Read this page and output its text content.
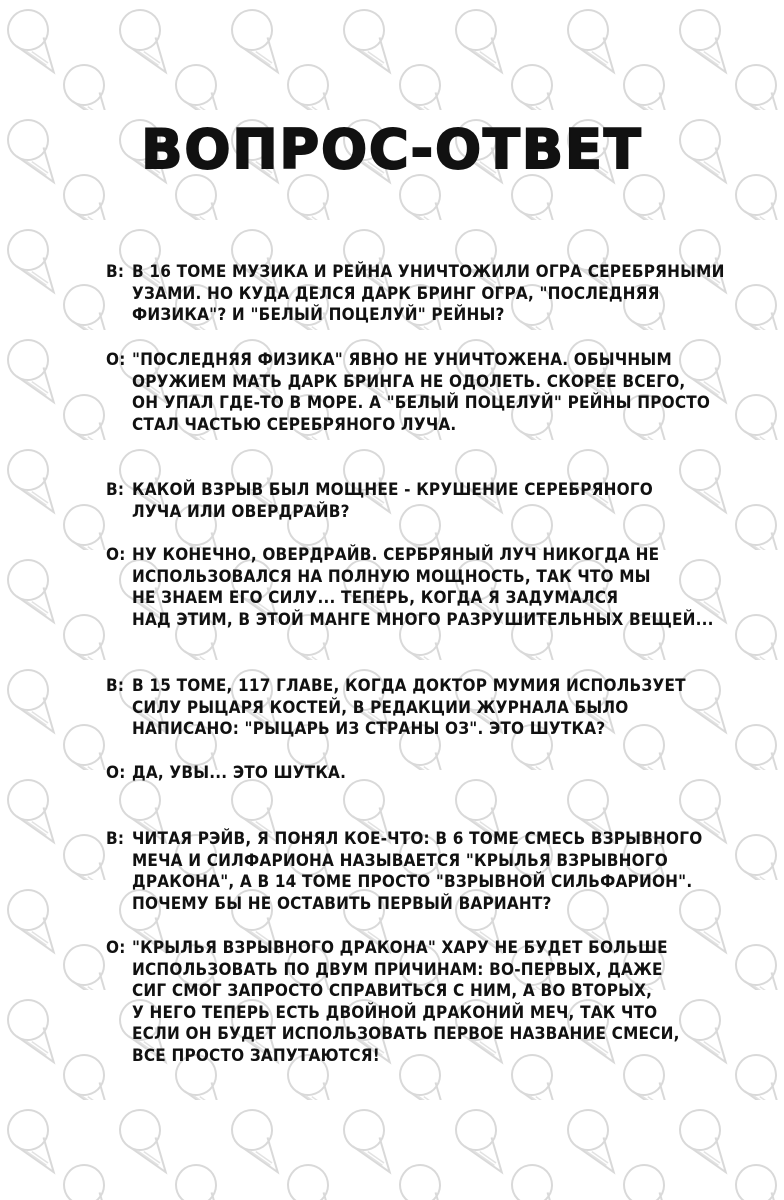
ВОПРОС-ОТВЕТ
В: В 16 ТОМЕ МУЗИКА И РЕЙНА УНИЧТОЖИЛИ ОГРА СЕРЕБРЯНЫМИ
УЗАМИ. НО КУДА ДЕЛСЯ ДАРК БРИНГ ОГРА, "ПОСЛЕДНЯЯ
ФИЗИКА"? И "БЕЛЫЙ ПОЦЕЛУЙ" РЕЙНЫ?
О: "ПОСЛЕДНЯЯ ФИЗИКА" ЯВНО НЕ УНИЧТОЖЕНА. ОБЫЧНЫМ
ОРУЖИЕМ МАТЬ ДАРК БРИНГА НЕ ОДОЛЕТЬ. СКОРЕЕ ВСЕГО,
ОН УПАЛ ГДЕ-ТО В МОРЕ. А "БЕЛЫЙ ПОЦЕЛУЙ" РЕЙНЫ ПРОСТО
СТАЛ ЧАСТЬЮ СЕРЕБРЯНОГО ЛУЧА.
В: КАКОЙ ВЗРЫВ БЫЛ МОЩНЕЕ - КРУШЕНИЕ СЕРЕБРЯНОГО
ЛУЧА ИЛИ ОВЕРДРАЙВ?
О: НУ КОНЕЧНО, ОВЕРДРАЙВ. СЕРБРЯНЫЙ ЛУЧ НИКОГДА НЕ
ИСПОЛЬЗОВАЛСЯ НА ПОЛНУЮ МОЩНОСТЬ, ТАК ЧТО МЫ
НЕ ЗНАЕМ ЕГО СИЛУ... ТЕПЕРЬ, КОГДА Я ЗАДУМАЛСЯ
НАД ЭТИМ, В ЭТОЙ МАНГЕ МНОГО РАЗРУШИТЕЛЬНЫХ ВЕЩЕЙ...
В: В 15 ТОМЕ, 117 ГЛАВЕ, КОГДА ДОКТОР МУМИЯ ИСПОЛЬЗУЕТ
СИЛУ РЫЦАРЯ КОСТЕЙ, В РЕДАКЦИИ ЖУРНАЛА БЫЛО
НАПИСАНО: "РЫЦАРЬ ИЗ СТРАНЫ ОЗ". ЭТО ШУТКА?
О: ДА, УВЫ... ЭТО ШУТКА.
В: ЧИТАЯ РЭЙВ, Я ПОНЯЛ КОЕ-ЧТО: В 6 ТОМЕ СМЕСЬ ВЗРЫВНОГО
МЕЧА И СИЛФАРИОНА НАЗЫВАЕТСЯ "КРЫЛЬЯ ВЗРЫВНОГО
ДРАКОНА", А В 14 ТОМЕ ПРОСТО "ВЗРЫВНОЙ СИЛЬФАРИОН".
ПОЧЕМУ БЫ НЕ ОСТАВИТЬ ПЕРВЫЙ ВАРИАНТ?
О: "КРЫЛЬЯ ВЗРЫВНОГО ДРАКОНА" ХАРУ НЕ БУДЕТ БОЛЬШЕ
ИСПОЛЬЗОВАТЬ ПО ДВУМ ПРИЧИНАМ: ВО-ПЕРВЫХ, ДАЖЕ
СИГ СМОГ ЗАПРОСТО СПРАВИТЬСЯ С НИМ, А ВО ВТОРЫХ,
У НЕГО ТЕПЕРЬ ЕСТЬ ДВОЙНОЙ ДРАКОНИЙ МЕЧ, ТАК ЧТО
ЕСЛИ ОН БУДЕТ ИСПОЛЬЗОВАТЬ ПЕРВОЕ НАЗВАНИЕ СМЕСИ,
ВСЕ ПРОСТО ЗАПУТАЮТСЯ!
